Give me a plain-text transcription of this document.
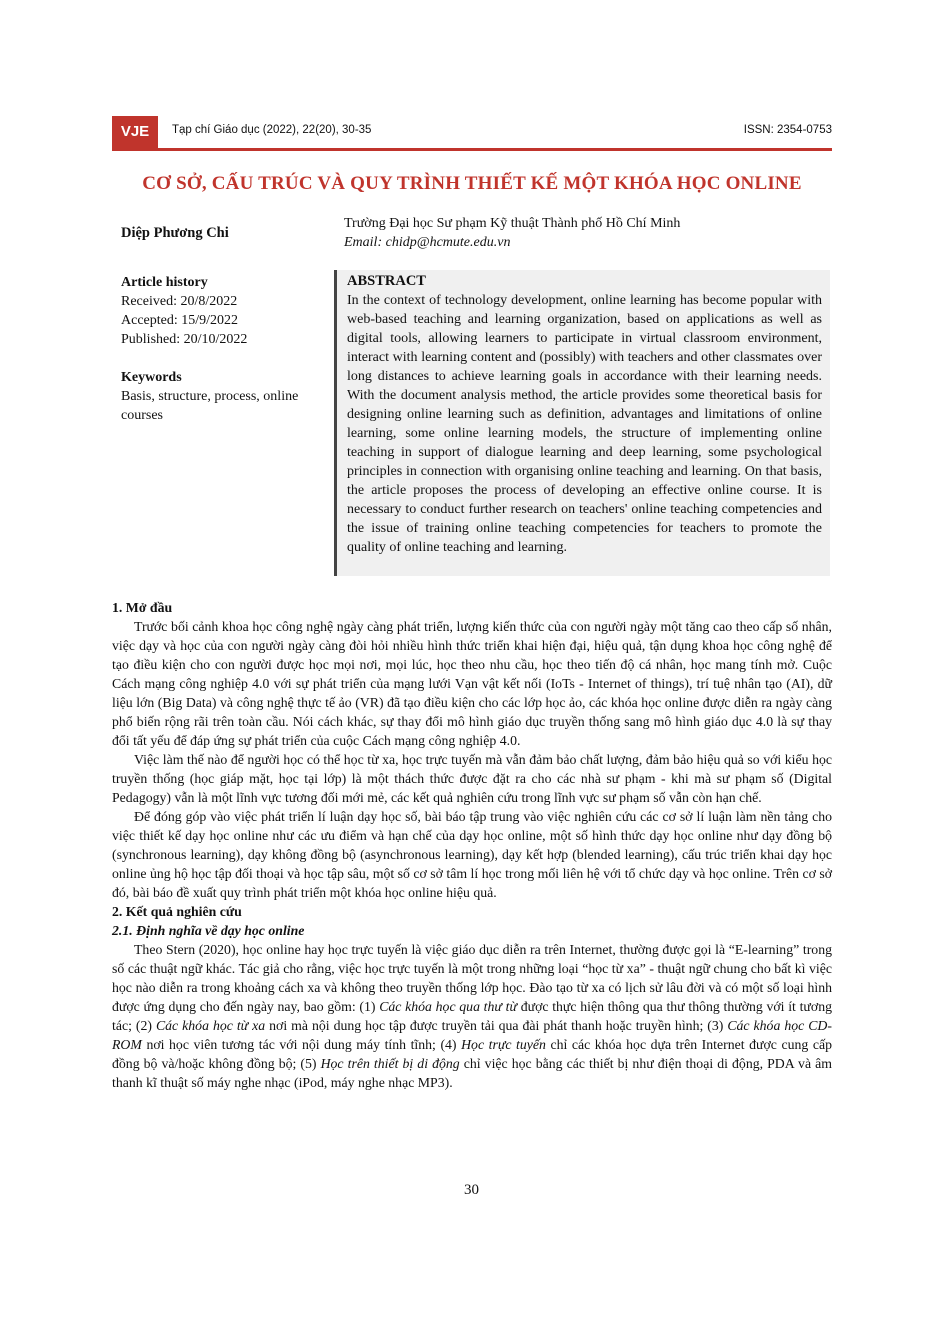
VJE	Tạp chí Giáo dục (2022), 22(20), 30-35	ISSN: 2354-0753
CƠ SỞ, CẤU TRÚC VÀ QUY TRÌNH THIẾT KẾ MỘT KHÓA HỌC ONLINE
Diệp Phương Chi
Trường Đại học Sư phạm Kỹ thuật Thành phố Hồ Chí Minh
Email: chidp@hcmute.edu.vn
Article history
Received: 20/8/2022
Accepted: 15/9/2022
Published: 20/10/2022
Keywords
Basis, structure, process, online courses
ABSTRACT
In the context of technology development, online learning has become popular with web-based teaching and learning organization, based on applications as well as digital tools, allowing learners to participate in virtual classroom environment, interact with learning content and (possibly) with teachers and other classmates over long distances to achieve learning goals in accordance with their learning needs. With the document analysis method, the article provides some theoretical basis for designing online learning such as definition, advantages and limitations of online learning, some online learning models, the structure of implementing online teaching in support of dialogue learning and deep learning, some psychological principles in connection with organising online teaching and learning. On that basis, the article proposes the process of developing an effective online course. It is necessary to conduct further research on teachers' online teaching competencies and the issue of training online teaching competencies for teachers to promote the quality of online teaching and learning.
1. Mở đầu

Trước bối cảnh khoa học công nghệ ngày càng phát triển, lượng kiến thức của con người ngày một tăng cao theo cấp số nhân, việc dạy và học của con người ngày càng đòi hỏi nhiều hình thức triển khai hiện đại, hiệu quả, tận dụng khoa học công nghệ để tạo điều kiện cho con người được học mọi nơi, mọi lúc, học theo nhu cầu, học theo tiến độ cá nhân, học mang tính mở. Cuộc Cách mạng công nghiệp 4.0 với sự phát triển của mạng lưới Vạn vật kết nối (IoTs - Internet of things), trí tuệ nhân tạo (AI), dữ liệu lớn (Big Data) và công nghệ thực tế ảo (VR) đã tạo điều kiện cho các lớp học ảo, các khóa học online được diễn ra ngày càng phổ biến rộng rãi trên toàn cầu. Nói cách khác, sự thay đổi mô hình giáo dục truyền thống sang mô hình giáo dục 4.0 là sự thay đổi tất yếu để đáp ứng sự phát triển của cuộc Cách mạng công nghiệp 4.0.

Việc làm thế nào để người học có thể học từ xa, học trực tuyến mà vẫn đảm bảo chất lượng, đảm bảo hiệu quả so với kiểu học truyền thống (học giáp mặt, học tại lớp) là một thách thức được đặt ra cho các nhà sư phạm - khi mà sư phạm số (Digital Pedagogy) vẫn là một lĩnh vực tương đối mới mẻ, các kết quả nghiên cứu trong lĩnh vực sư phạm số vẫn còn hạn chế.

Để đóng góp vào việc phát triển lí luận dạy học số, bài báo tập trung vào việc nghiên cứu các cơ sở lí luận làm nền tảng cho việc thiết kế dạy học online như các ưu điểm và hạn chế của dạy học online, một số hình thức dạy học online như dạy đồng bộ (synchronous learning), dạy không đồng bộ (asynchronous learning), dạy kết hợp (blended learning), cấu trúc triển khai dạy học online ủng hộ học tập đối thoại và học tập sâu, một số cơ sở tâm lí học trong mối liên hệ với tổ chức dạy và học online. Trên cơ sở đó, bài báo đề xuất quy trình phát triển một khóa học online hiệu quả.

2. Kết quả nghiên cứu
2.1. Định nghĩa về dạy học online

Theo Stern (2020), học online hay học trực tuyến là việc giáo dục diễn ra trên Internet, thường được gọi là “E-learning” trong số các thuật ngữ khác. Tác giả cho rằng, việc học trực tuyến là một trong những loại “học từ xa” - thuật ngữ chung cho bất kì việc học nào diễn ra trong khoảng cách xa và không theo truyền thống lớp học. Đào tạo từ xa có lịch sử lâu đời và có một số loại hình được ứng dụng cho đến ngày nay, bao gồm: (1) Các khóa học qua thư từ được thực hiện thông qua thư thông thường với ít tương tác; (2) Các khóa học từ xa nơi mà nội dung học tập được truyền tải qua đài phát thanh hoặc truyền hình; (3) Các khóa học CD-ROM nơi học viên tương tác với nội dung máy tính tĩnh; (4) Học trực tuyến chỉ các khóa học dựa trên Internet được cung cấp đồng bộ và/hoặc không đồng bộ; (5) Học trên thiết bị di động chỉ việc học bằng các thiết bị như điện thoại di động, PDA và âm thanh kĩ thuật số máy nghe nhạc (iPod, máy nghe nhạc MP3).

30
